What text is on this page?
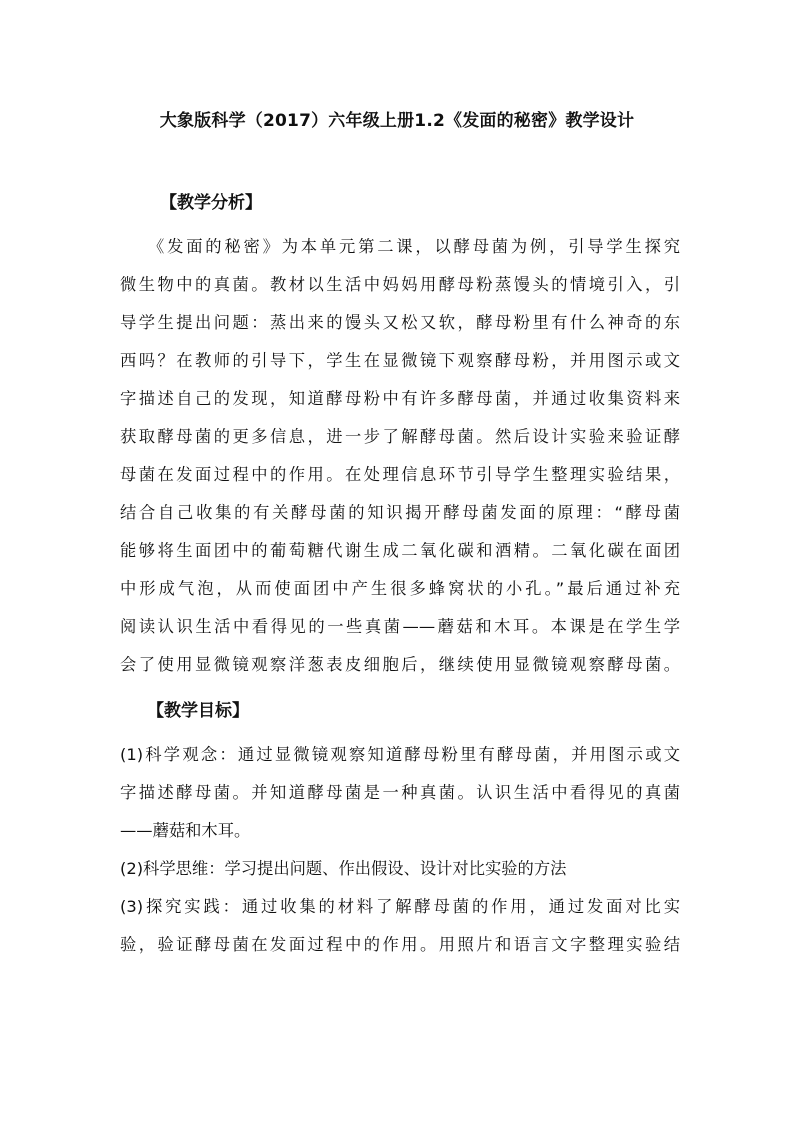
大象版科学（2017）六年级上册1.2《发面的秘密》教学设计
【教学分析】
《发面的秘密》为本单元第二课，以酵母菌为例，引导学生探究
微生物中的真菌。教材以生活中妈妈用酵母粉蒸馒头的情境引入，引
导学生提出问题：蒸出来的馒头又松又软，酵母粉里有什么神奇的东
西吗？在教师的引导下，学生在显微镜下观察酵母粉，并用图示或文
字描述自己的发现，知道酵母粉中有许多酵母菌，并通过收集资料来
获取酵母菌的更多信息，进一步了解酵母菌。然后设计实验来验证酵
母菌在发面过程中的作用。在处理信息环节引导学生整理实验结果，
结合自己收集的有关酵母菌的知识揭开酵母菌发面的原理：“酵母菌
能够将生面团中的葡萄糖代谢生成二氧化碳和酒精。二氧化碳在面团
中形成气泡，从而使面团中产生很多蜂窝状的小孔。”最后通过补充
阅读认识生活中看得见的一些真菌——蘑菇和木耳。本课是在学生学
会了使用显微镜观察洋葱表皮细胞后，继续使用显微镜观察酵母菌。
【教学目标】
(1)科学观念：通过显微镜观察知道酵母粉里有酵母菌，并用图示或文
字描述酵母菌。并知道酵母菌是一种真菌。认识生活中看得见的真菌
——蘑菇和木耳。
(2)科学思维：学习提出问题、作出假设、设计对比实验的方法
(3)探究实践：通过收集的材料了解酵母菌的作用，通过发面对比实
验，验证酵母菌在发面过程中的作用。用照片和语言文字整理实验结
